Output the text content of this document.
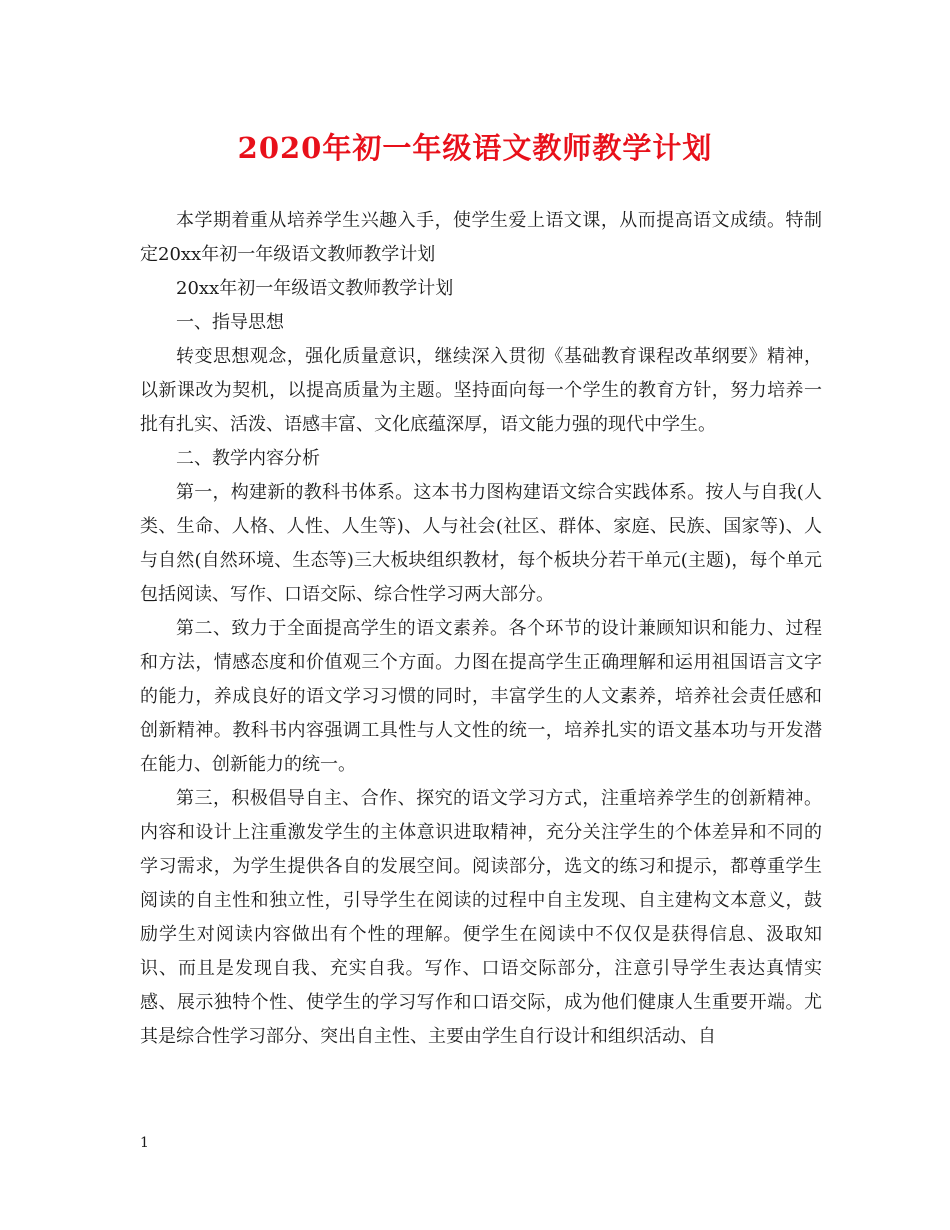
2020年初一年级语文教师教学计划

本学期着重从培养学生兴趣入手，使学生爱上语文课，从而提高语文成绩。特制定20xx年初一年级语文教师教学计划

20xx年初一年级语文教师教学计划

一、指导思想

转变思想观念，强化质量意识，继续深入贯彻《基础教育课程改革纲要》精神，以新课改为契机，以提高质量为主题。坚持面向每一个学生的教育方针，努力培养一批有扎实、活泼、语感丰富、文化底蕴深厚，语文能力强的现代中学生。

二、教学内容分析

第一，构建新的教科书体系。这本书力图构建语文综合实践体系。按人与自我(人类、生命、人格、人性、人生等)、人与社会(社区、群体、家庭、民族、国家等)、人与自然(自然环境、生态等)三大板块组织教材，每个板块分若干单元(主题)，每个单元包括阅读、写作、口语交际、综合性学习两大部分。

第二、致力于全面提高学生的语文素养。各个环节的设计兼顾知识和能力、过程和方法，情感态度和价值观三个方面。力图在提高学生正确理解和运用祖国语言文字的能力，养成良好的语文学习习惯的同时，丰富学生的人文素养，培养社会责任感和创新精神。教科书内容强调工具性与人文性的统一，培养扎实的语文基本功与开发潜在能力、创新能力的统一。

第三，积极倡导自主、合作、探究的语文学习方式，注重培养学生的创新精神。内容和设计上注重激发学生的主体意识进取精神，充分关注学生的个体差异和不同的学习需求，为学生提供各自的发展空间。阅读部分，选文的练习和提示，都尊重学生阅读的自主性和独立性，引导学生在阅读的过程中自主发现、自主建构文本意义，鼓励学生对阅读内容做出有个性的理解。便学生在阅读中不仅仅是获得信息、汲取知识、而且是发现自我、充实自我。写作、口语交际部分，注意引导学生表达真情实感、展示独特个性、使学生的学习写作和口语交际，成为他们健康人生重要开端。尤其是综合性学习部分、突出自主性、主要由学生自行设计和组织活动、自

1
